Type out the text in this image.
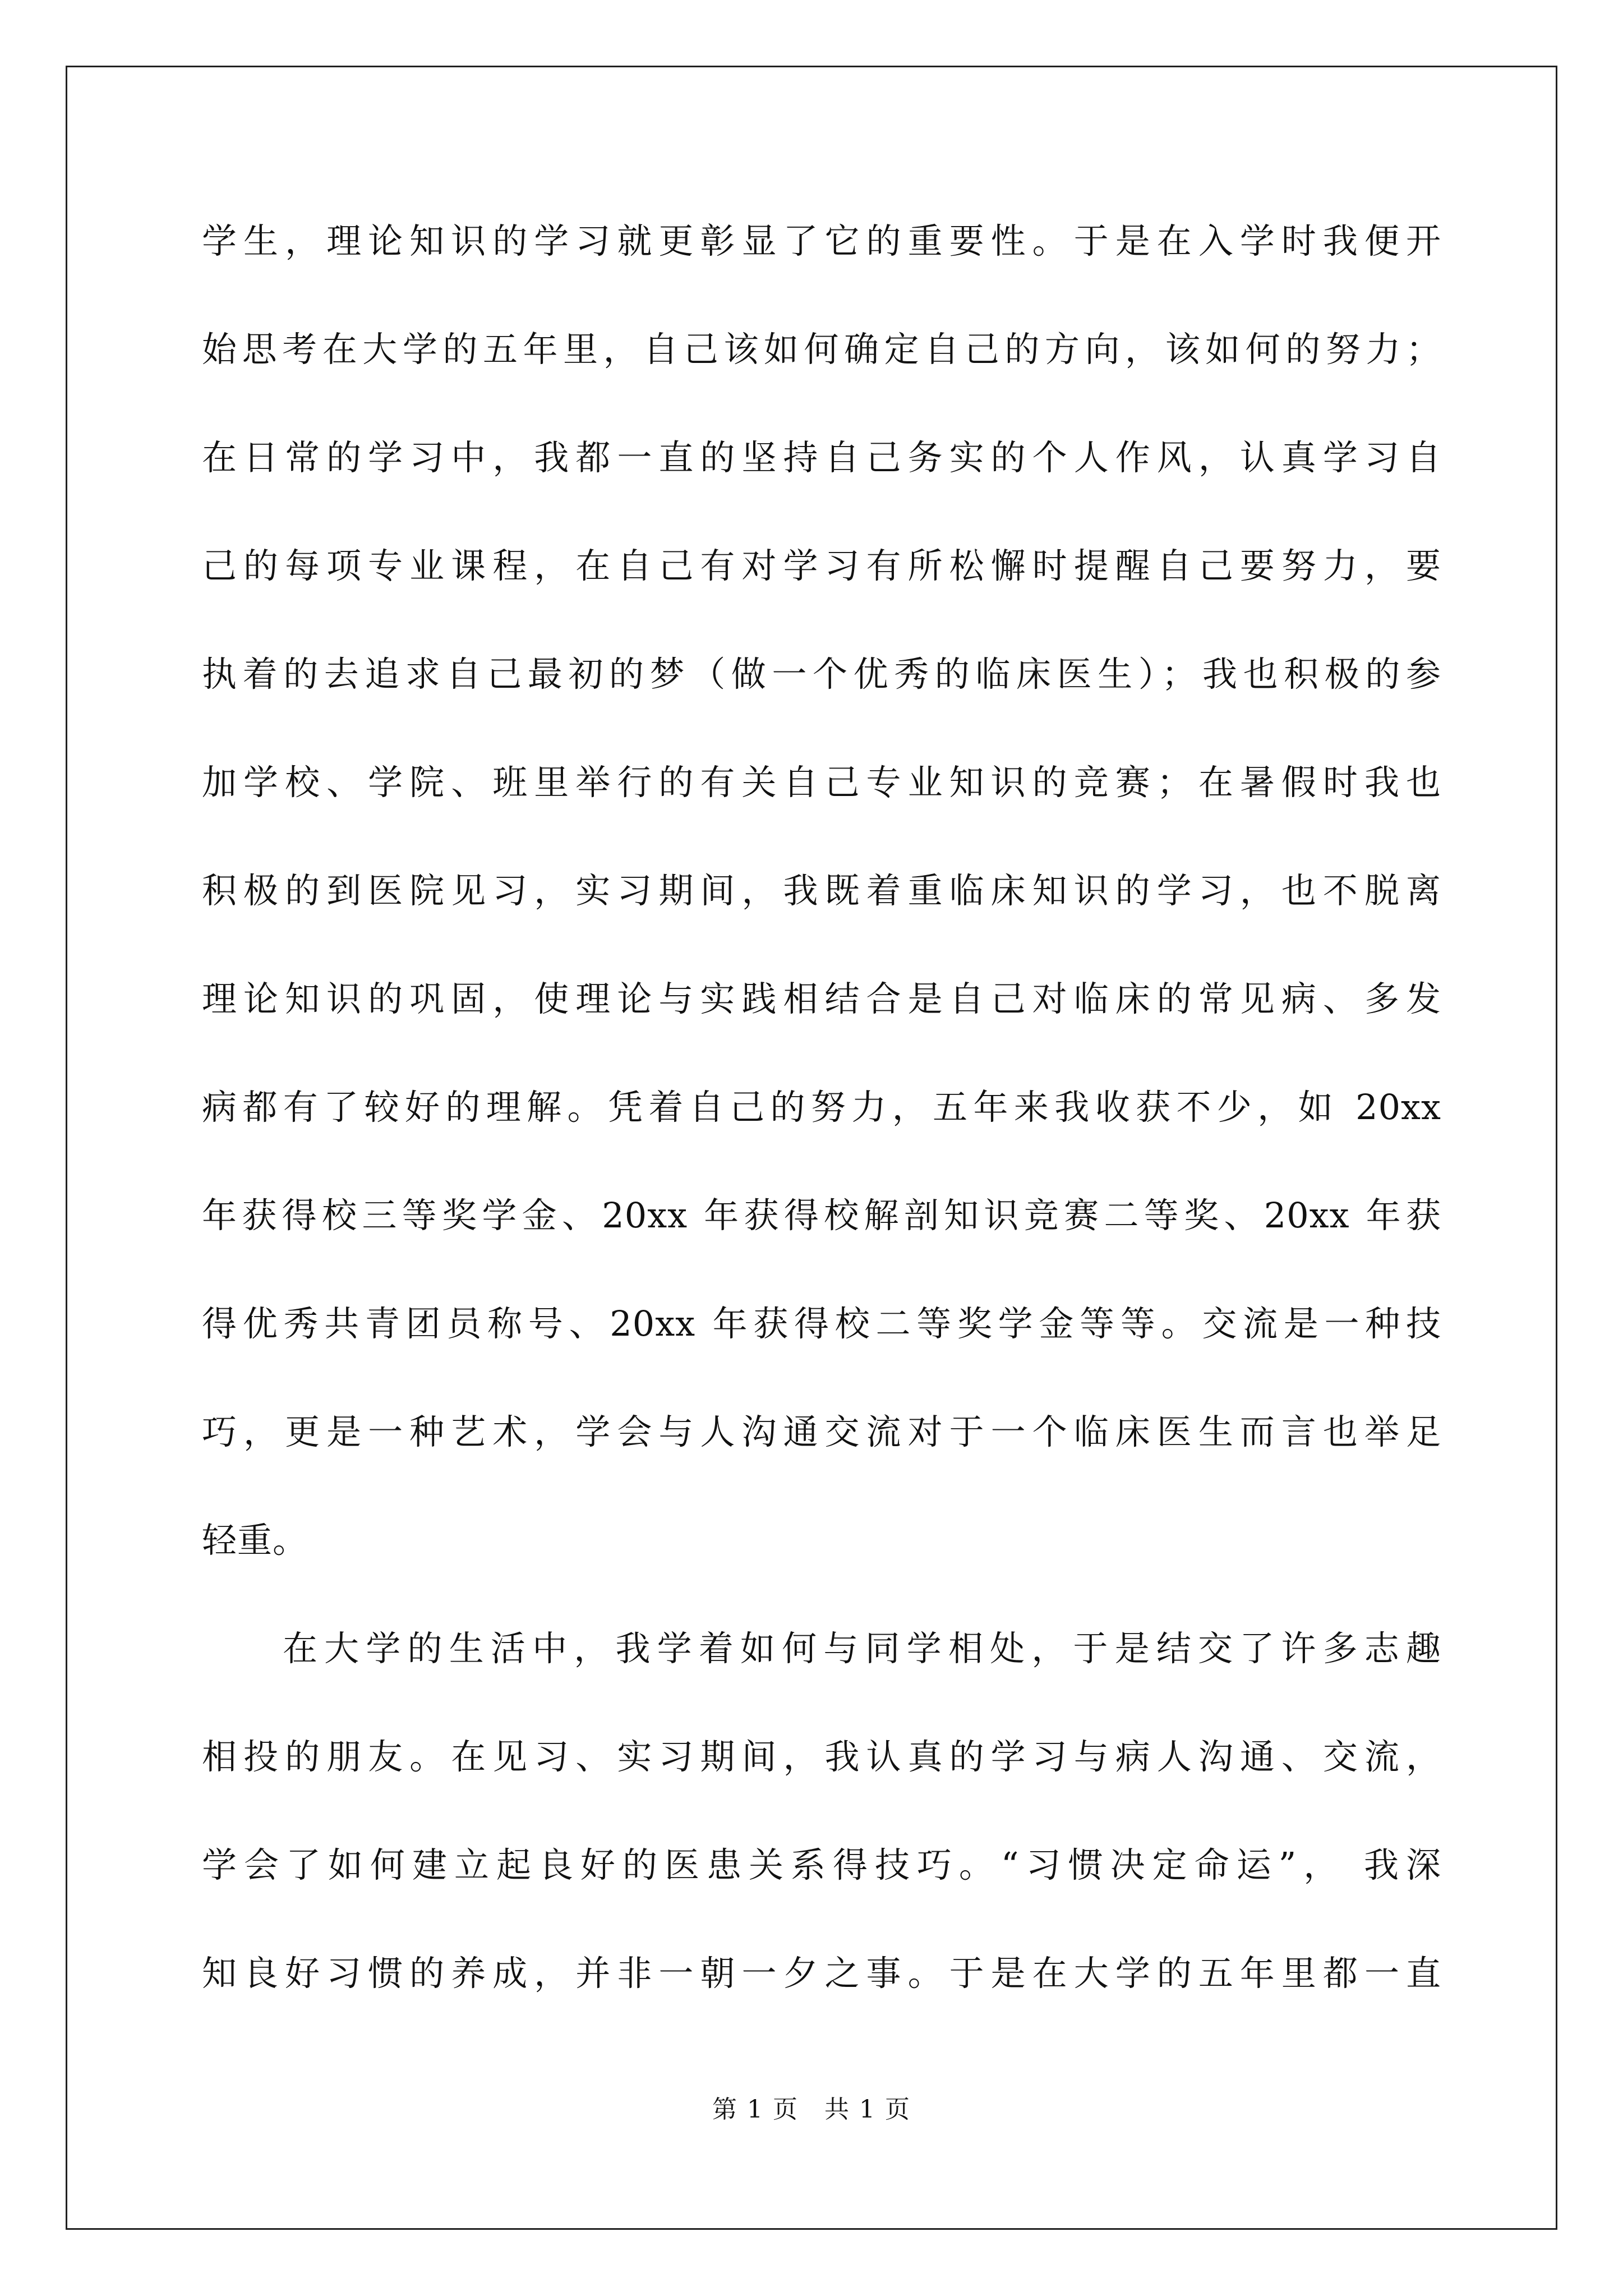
学生，理论知识的学习就更彰显了它的重要性。于是在入学时我便开
始思考在大学的五年里，自己该如何确定自己的方向，该如何的努力；
在日常的学习中，我都一直的坚持自己务实的个人作风，认真学习自
己的每项专业课程，在自己有对学习有所松懈时提醒自己要努力，要
执着的去追求自己最初的梦（做一个优秀的临床医生）；我也积极的参
加学校、学院、班里举行的有关自己专业知识的竞赛；在暑假时我也
积极的到医院见习，实习期间，我既着重临床知识的学习，也不脱离
理论知识的巩固，使理论与实践相结合是自己对临床的常见病、多发
病都有了较好的理解。凭着自己的努力，五年来我收获不少，如 20xx
年获得校三等奖学金、20xx 年获得校解剖知识竞赛二等奖、20xx 年获
得优秀共青团员称号、20xx 年获得校二等奖学金等等。交流是一种技
巧，更是一种艺术，学会与人沟通交流对于一个临床医生而言也举足
轻重。
在大学的生活中，我学着如何与同学相处，于是结交了许多志趣
相投的朋友。在见习、实习期间，我认真的学习与病人沟通、交流，
学会了如何建立起良好的医患关系得技巧。“习惯决定命运”， 我深
知良好习惯的养成，并非一朝一夕之事。于是在大学的五年里都一直
第 1 页　共 1 页
